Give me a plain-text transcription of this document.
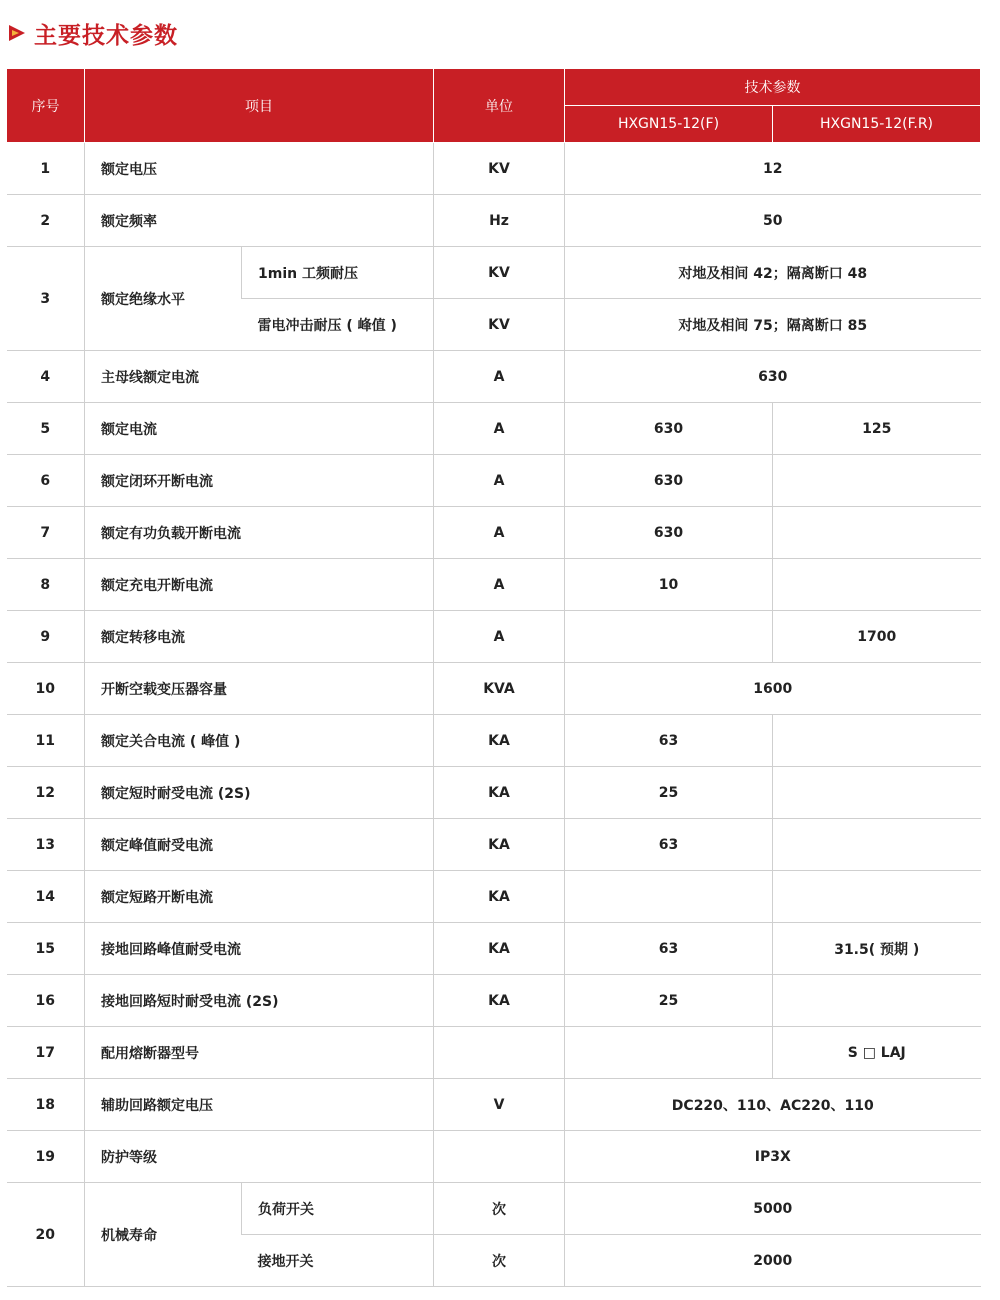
主要技术参数
序号	项目		单位	技术参数	
				HXGN15-12(F)	HXGN15-12(F.R)
1	额定电压		KV	12	
2	额定频率		Hz	50	
3	额定绝缘水平	1min 工频耐压	KV	对地及相间 42；隔离断口 48	
		雷电冲击耐压 ( 峰值 )	KV	对地及相间 75；隔离断口 85	
4	主母线额定电流		A	630	
5	额定电流		A	630	125
6	额定闭环开断电流		A	630	
7	额定有功负载开断电流		A	630	
8	额定充电开断电流		A	10	
9	额定转移电流		A		1700
10	开断空载变压器容量		KVA	1600	
11	额定关合电流 ( 峰值 )		KA	63	
12	额定短时耐受电流 (2S)		KA	25	
13	额定峰值耐受电流		KA	63	
14	额定短路开断电流		KA		
15	接地回路峰值耐受电流		KA	63	31.5( 预期 )
16	接地回路短时耐受电流 (2S)		KA	25	
17	配用熔断器型号				S □ LAJ
18	辅助回路额定电压		V	DC220、110、AC220、110	
19	防护等级			IP3X	
20	机械寿命	负荷开关	次	5000	
		接地开关	次	2000	
